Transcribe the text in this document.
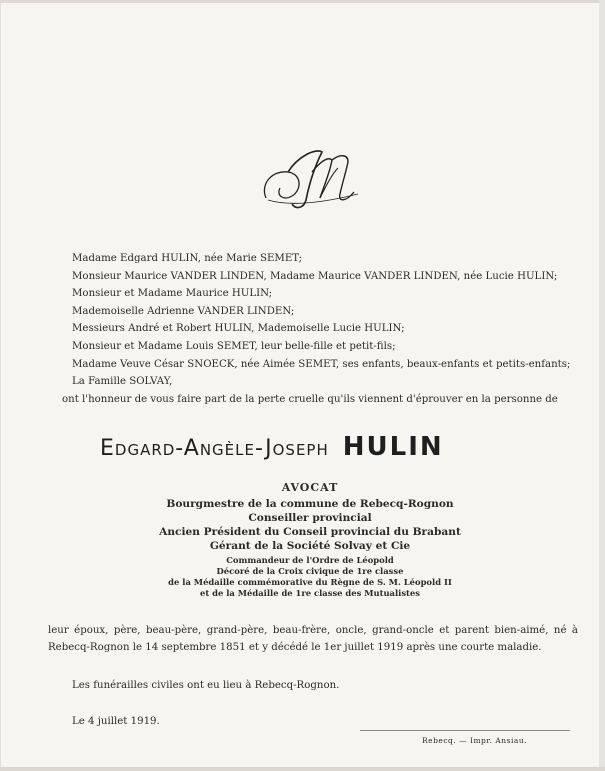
Madame Edgard HULIN, née Marie SEMET;
Monsieur Maurice VANDER LINDEN, Madame Maurice VANDER LINDEN, née Lucie HULIN;
Monsieur et Madame Maurice HULIN;
Mademoiselle Adrienne VANDER LINDEN;
Messieurs André et Robert HULIN, Mademoiselle Lucie HULIN;
Monsieur et Madame Louis SEMET, leur belle-fille et petit-fils;
Madame Veuve César SNOECK, née Aimée SEMET, ses enfants, beaux-enfants et petits-enfants;
La Famille SOLVAY,
ont l'honneur de vous faire part de la perte cruelle qu'ils viennent d'éprouver en la personne de
Edgard-Angèle-Joseph HULIN
AVOCAT
Bourgmestre de la commune de Rebecq-Rognon
Conseiller provincial
Ancien Président du Conseil provincial du Brabant
Gérant de la Société Solvay et Cie
Commandeur de l'Ordre de Léopold
Décoré de la Croix civique de 1re classe
de la Médaille commémorative du Règne de S. M. Léopold II
et de la Médaille de 1re classe des Mutualistes
leur époux, père, beau-père, grand-père, beau-frère, oncle, grand-oncle et parent bien-aimé, né à Rebecq-Rognon le 14 septembre 1851 et y décédé le 1er juillet 1919 après une courte maladie.
Les funérailles civiles ont eu lieu à Rebecq-Rognon.
Le 4 juillet 1919.
Rebecq. — Impr. Ansiau.
